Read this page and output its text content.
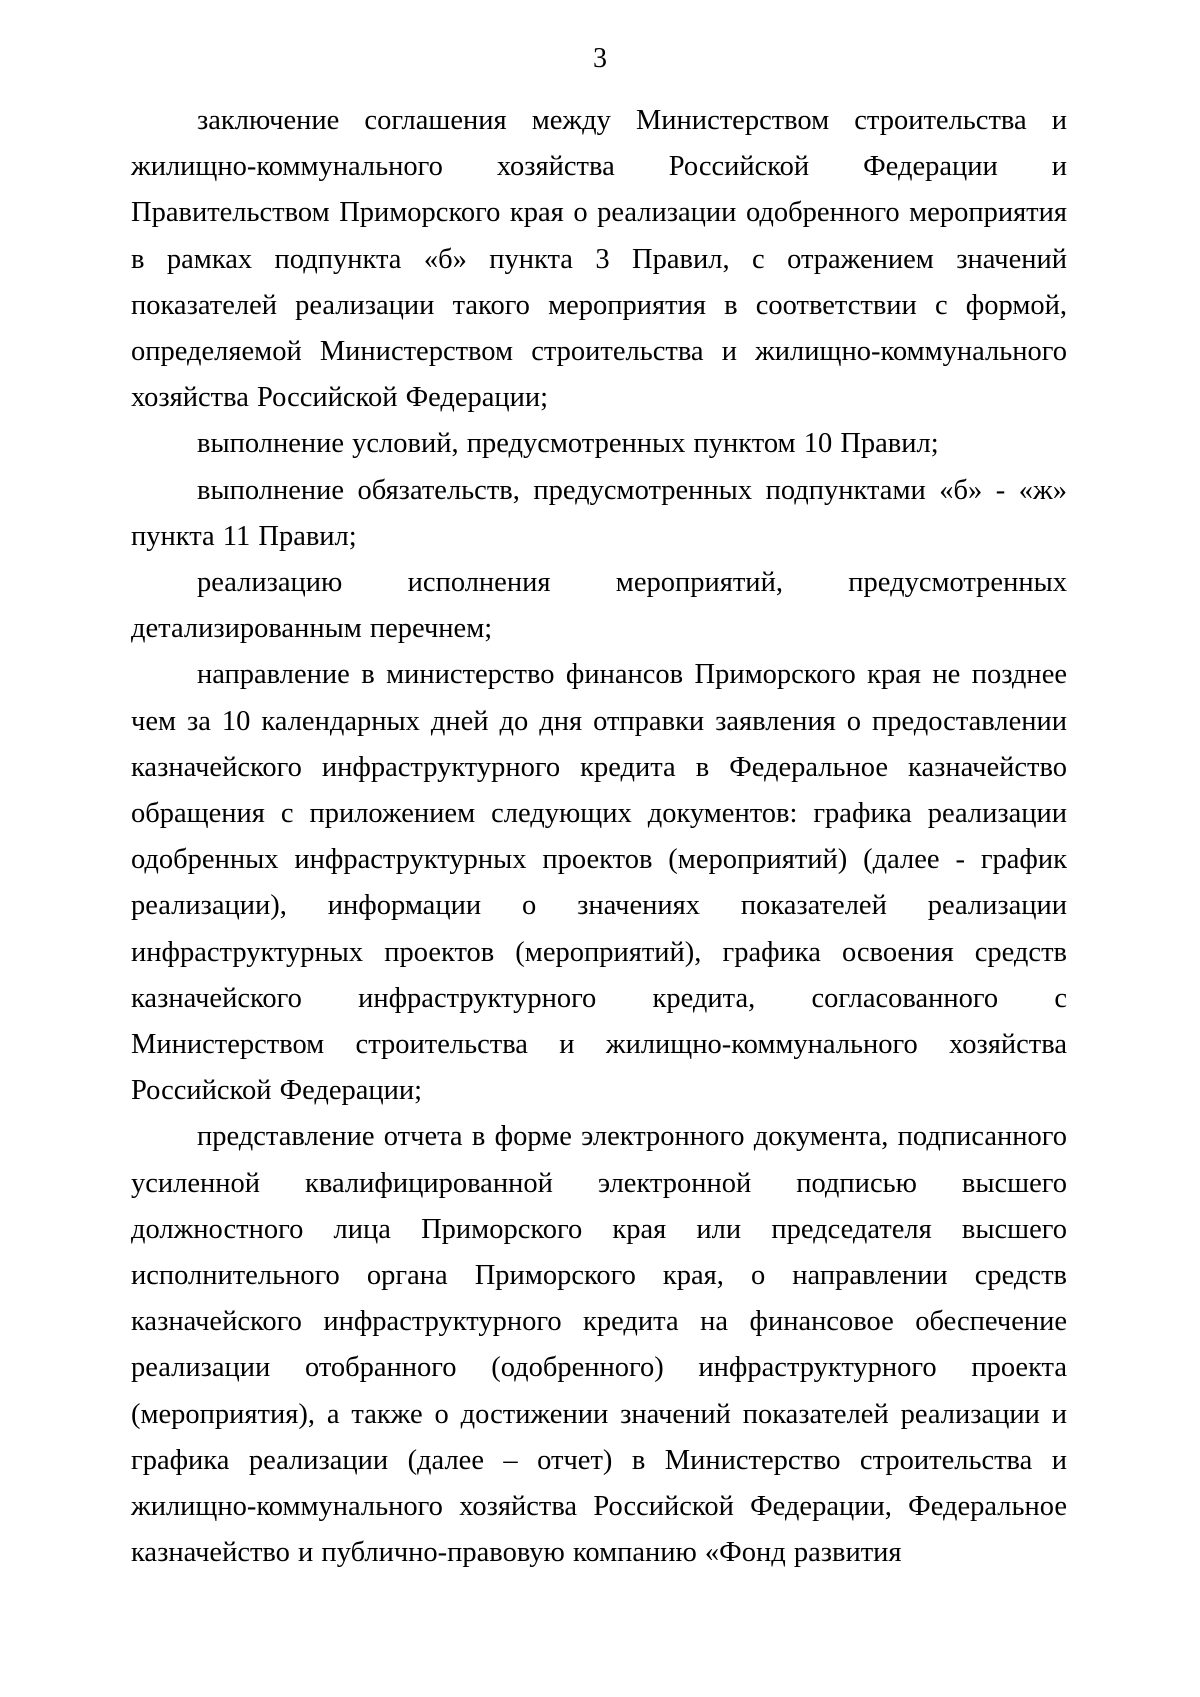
3

заключение соглашения между Министерством строительства и жилищно-коммунального хозяйства Российской Федерации и Правительством Приморского края о реализации одобренного мероприятия в рамках подпункта «б» пункта 3 Правил, с отражением значений показателей реализации такого мероприятия в соответствии с формой, определяемой Министерством строительства и жилищно-коммунального хозяйства Российской Федерации;

выполнение условий, предусмотренных пунктом 10 Правил;

выполнение обязательств, предусмотренных подпунктами «б» - «ж» пункта 11 Правил;

реализацию исполнения мероприятий, предусмотренных детализированным перечнем;

направление в министерство финансов Приморского края не позднее чем за 10 календарных дней до дня отправки заявления о предоставлении казначейского инфраструктурного кредита в Федеральное казначейство обращения с приложением следующих документов: графика реализации одобренных инфраструктурных проектов (мероприятий) (далее - график реализации), информации о значениях показателей реализации инфраструктурных проектов (мероприятий), графика освоения средств казначейского инфраструктурного кредита, согласованного с Министерством строительства и жилищно-коммунального хозяйства Российской Федерации;

представление отчета в форме электронного документа, подписанного усиленной квалифицированной электронной подписью высшего должностного лица Приморского края или председателя высшего исполнительного органа Приморского края, о направлении средств казначейского инфраструктурного кредита на финансовое обеспечение реализации отобранного (одобренного) инфраструктурного проекта (мероприятия), а также о достижении значений показателей реализации и графика реализации (далее – отчет) в Министерство строительства и жилищно-коммунального хозяйства Российской Федерации, Федеральное казначейство и публично-правовую компанию «Фонд развития
